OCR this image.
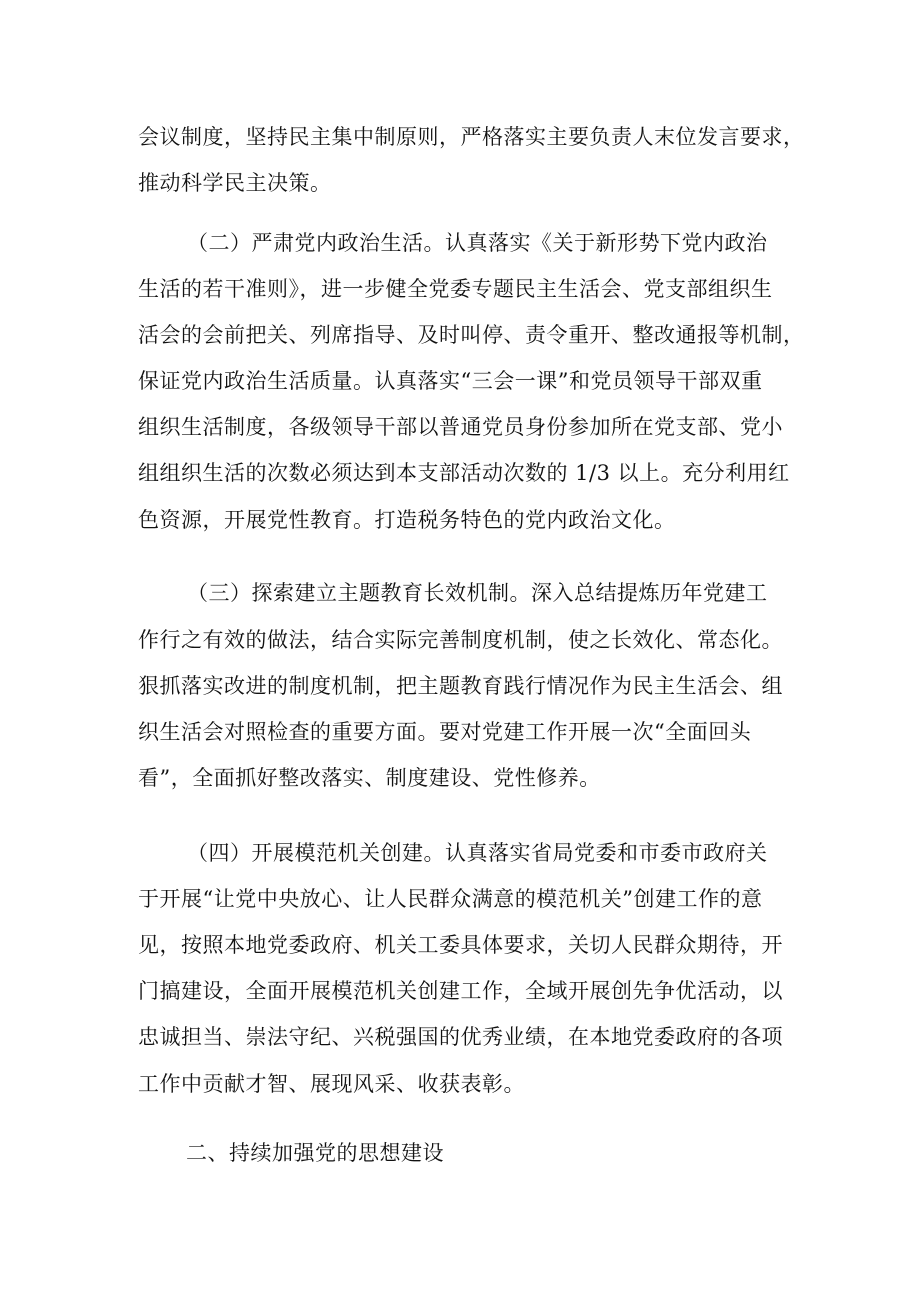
会议制度，坚持民主集中制原则，严格落实主要负责人末位发言要求，
推动科学民主决策。
（二）严肃党内政治生活。认真落实《关于新形势下党内政治
生活的若干准则》，进一步健全党委专题民主生活会、党支部组织生
活会的会前把关、列席指导、及时叫停、责令重开、整改通报等机制，
保证党内政治生活质量。认真落实“三会一课”和党员领导干部双重
组织生活制度，各级领导干部以普通党员身份参加所在党支部、党小
组组织生活的次数必须达到本支部活动次数的 1/3 以上。充分利用红
色资源，开展党性教育。打造税务特色的党内政治文化。
（三）探索建立主题教育长效机制。深入总结提炼历年党建工
作行之有效的做法，结合实际完善制度机制，使之长效化、常态化。
狠抓落实改进的制度机制，把主题教育践行情况作为民主生活会、组
织生活会对照检查的重要方面。要对党建工作开展一次“全面回头
看”，全面抓好整改落实、制度建设、党性修养。
（四）开展模范机关创建。认真落实省局党委和市委市政府关
于开展“让党中央放心、让人民群众满意的模范机关”创建工作的意
见，按照本地党委政府、机关工委具体要求，关切人民群众期待，开
门搞建设，全面开展模范机关创建工作，全域开展创先争优活动，以
忠诚担当、崇法守纪、兴税强国的优秀业绩，在本地党委政府的各项
工作中贡献才智、展现风采、收获表彰。
二、持续加强党的思想建设
